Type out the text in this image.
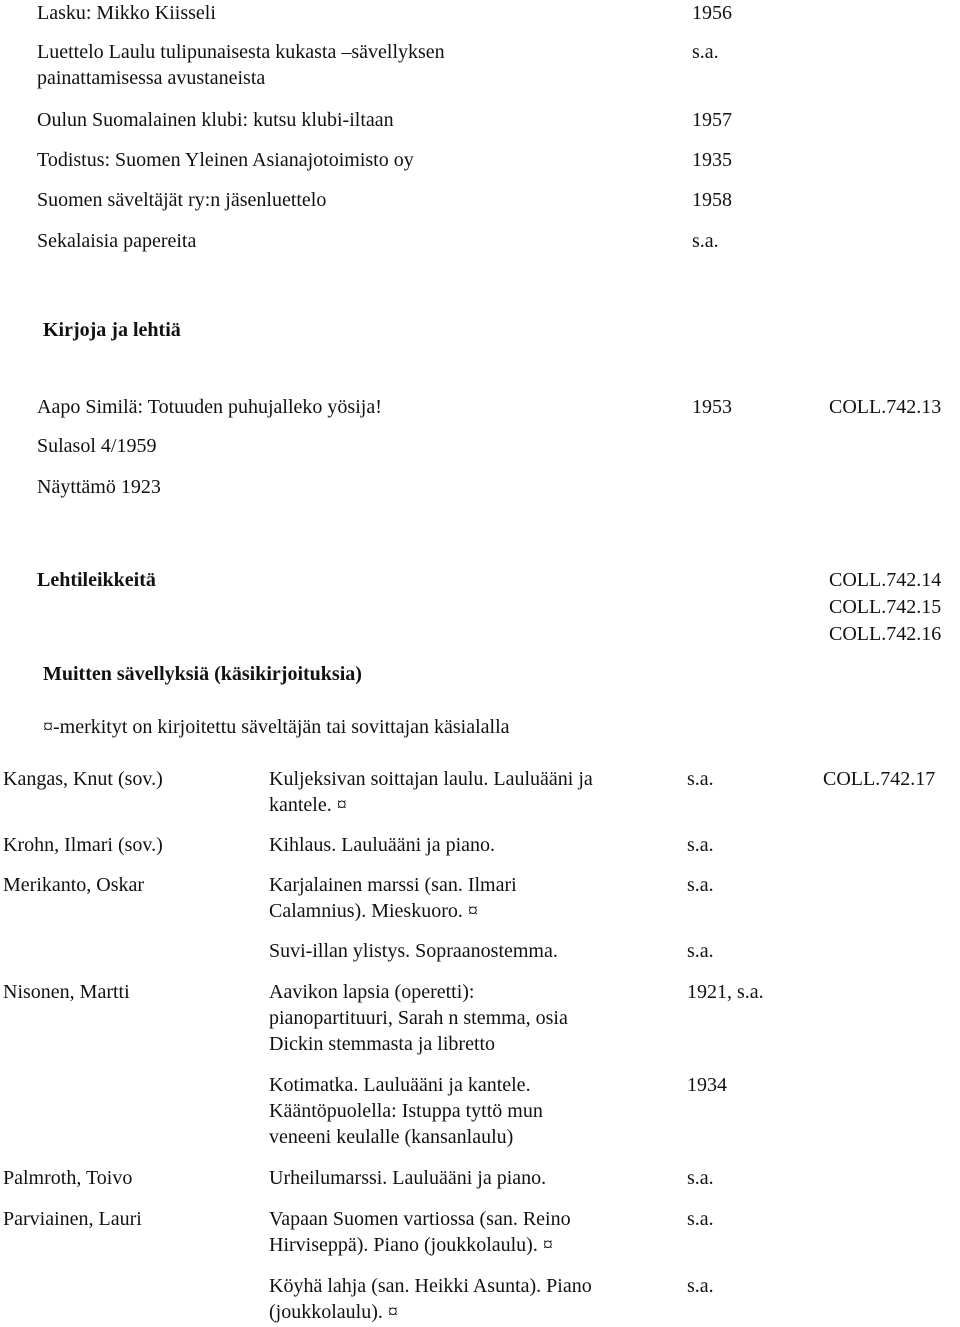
Lasku: Mikko Kiisseli	1956
Luettelo Laulu tulipunaisesta kukasta –sävellyksen
painattamisessa avustaneista
s.a.
Oulun Suomalainen klubi: kutsu klubi-iltaan	1957
Todistus: Suomen Yleinen Asianajotoimisto oy	1935
Suomen säveltäjät ry:n jäsenluettelo	1958
Sekalaisia papereita	s.a.
Kirjoja ja lehtiä
Aapo Similä: Totuuden puhujalleko yösija!	1953	COLL.742.13
Sulasol 4/1959
Näyttämö 1923
Lehtileikkeitä	COLL.742.14
COLL.742.15
COLL.742.16
Muitten sävellyksiä (käsikirjoituksia)
¤-merkityt on kirjoitettu säveltäjän tai sovittajan käsialalla
Kangas, Knut (sov.)	Kuljeksivan soittajan laulu. Lauluääni ja
kantele. ¤
s.a.	COLL.742.17
Krohn, Ilmari (sov.)	Kihlaus. Lauluääni ja piano.	s.a.
Merikanto, Oskar	Karjalainen marssi (san. Ilmari
Calamnius). Mieskuoro. ¤
s.a.
Suvi-illan ylistys. Sopraanostemma.	s.a.
Nisonen, Martti	Aavikon lapsia (operetti):
pianopartituuri, Sarah n stemma, osia
Dickin stemmasta ja libretto
1921, s.a.
Kotimatka. Lauluääni ja kantele.
Kääntöpuolella: Istuppa tyttö mun
veneeni keulalle (kansanlaulu)
1934
Palmroth, Toivo	Urheilumarssi. Lauluääni ja piano.	s.a.
Parviainen, Lauri	Vapaan Suomen vartiossa (san. Reino
Hirviseppä). Piano (joukkolaulu). ¤
s.a.
Köyhä lahja (san. Heikki Asunta). Piano
(joukkolaulu). ¤
s.a.
